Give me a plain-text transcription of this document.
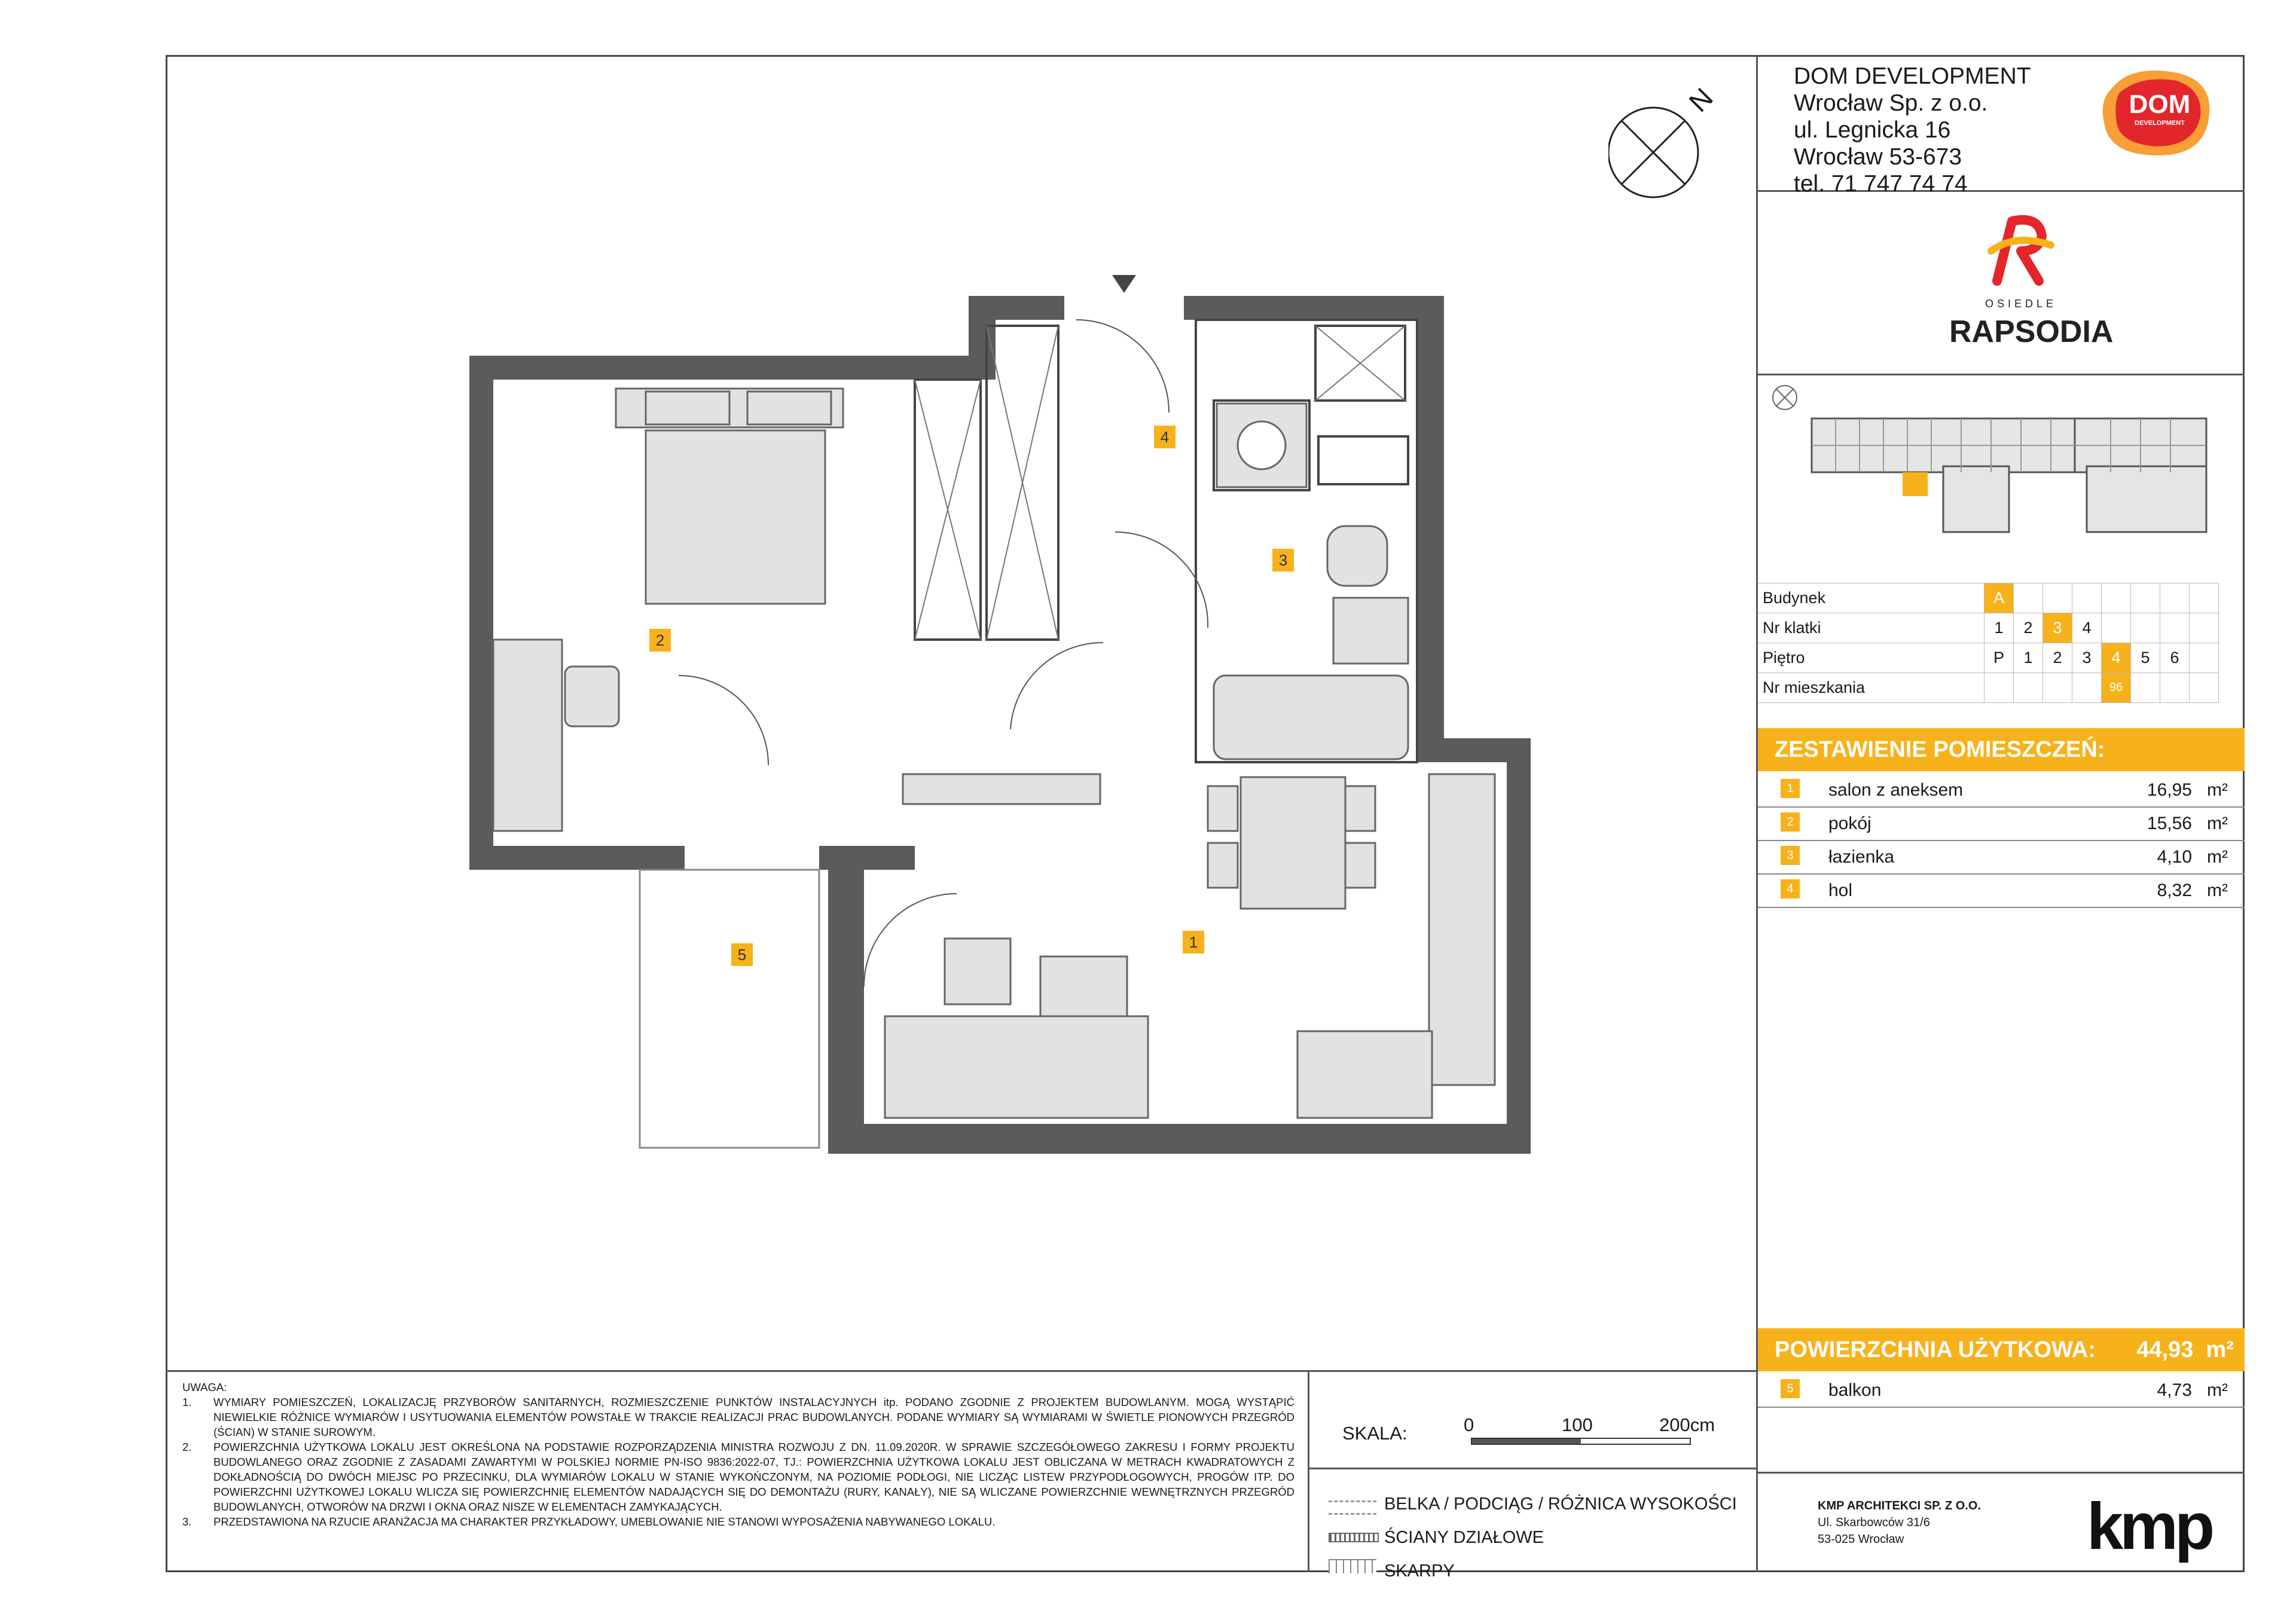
DOM DEVELOPMENT
Wrocław Sp. z o.o.
ul. Legnicka 16
Wrocław 53-673
tel. 71 747 74 74
DOM
DEVELOPMENT
OSIEDLE
RAPSODIA
Budynek	A							
Nr klatki	1	2	3	4				
Piętro	P	1	2	3	4	5	6	
Nr mieszkania					96			
ZESTAWIENIE POMIESZCZEŃ:
1	salon z aneksem	16,95 m²
2	pokój	15,56 m²
3	łazienka	4,10 m²
4	hol	8,32 m²
POWIERZCHNIA UŻYTKOWA: 44,93 m²
5	balkon	4,73 m²
KMP ARCHITEKCI SP. Z O.O.
Ul. Skarbowców 31/6
53-025 Wrocław	kmp
UWAGA:
1.	WYMIARY POMIESZCZEŃ, LOKALIZACJĘ PRZYBORÓW SANITARNYCH, ROZMIESZCZENIE PUNKTÓW INSTALACYJNYCH itp. PODANO ZGODNIE Z PROJEKTEM BUDOWLANYM. MOGĄ WYSTĄPIĆ NIEWIELKIE RÓŻNICE WYMIARÓW I USYTUOWANIA ELEMENTÓW POWSTAŁE W TRAKCIE REALIZACJI PRAC BUDOWLANYCH. PODANE WYMIARY SĄ WYMIARAMI W ŚWIETLE PIONOWYCH PRZEGRÓD (ŚCIAN) W STANIE SUROWYM.
2.	POWIERZCHNIA UŻYTKOWA LOKALU JEST OKREŚLONA NA PODSTAWIE ROZPORZĄDZENIA MINISTRA ROZWOJU Z DN. 11.09.2020R. W SPRAWIE SZCZEGÓŁOWEGO ZAKRESU I FORMY PROJEKTU BUDOWLANEGO ORAZ ZGODNIE Z ZASADAMI ZAWARTYMI W POLSKIEJ NORMIE PN-ISO 9836:2022-07, TJ.: POWIERZCHNIA UŻYTKOWA LOKALU JEST OBLICZANA W METRACH KWADRATOWYCH Z DOKŁADNOŚCIĄ DO DWÓCH MIEJSC PO PRZECINKU, DLA WYMIARÓW LOKALU W STANIE WYKOŃCZONYM, NA POZIOMIE PODŁOGI, NIE LICZĄC LISTEW PRZYPODŁOGOWYCH, PROGÓW ITP. DO POWIERZCHNI UŻYTKOWEJ LOKALU WLICZA SIĘ POWIERZCHNIĘ ELEMENTÓW NADAJĄCYCH SIĘ DO DEMONTAŻU (RURY, KANAŁY), NIE SĄ WLICZANE POWIERZCHNIE WEWNĘTRZNYCH PRZEGRÓD BUDOWLANYCH, OTWORÓW NA DRZWI I OKNA ORAZ NISZE W ELEMENTACH ZAMYKAJĄCYCH.
3.	PRZEDSTAWIONA NA RZUCIE ARANŻACJA MA CHARAKTER PRZYKŁADOWY, UMEBLOWANIE NIE STANOWI WYPOSAŻENIA NABYWANEGO LOKALU.
SKALA:	0	100	200cm
BELKA / PODCIĄG / RÓŻNICA WYSOKOŚCI
ŚCIANY DZIAŁOWE
SKARPY
N
1
2
3
4
5
